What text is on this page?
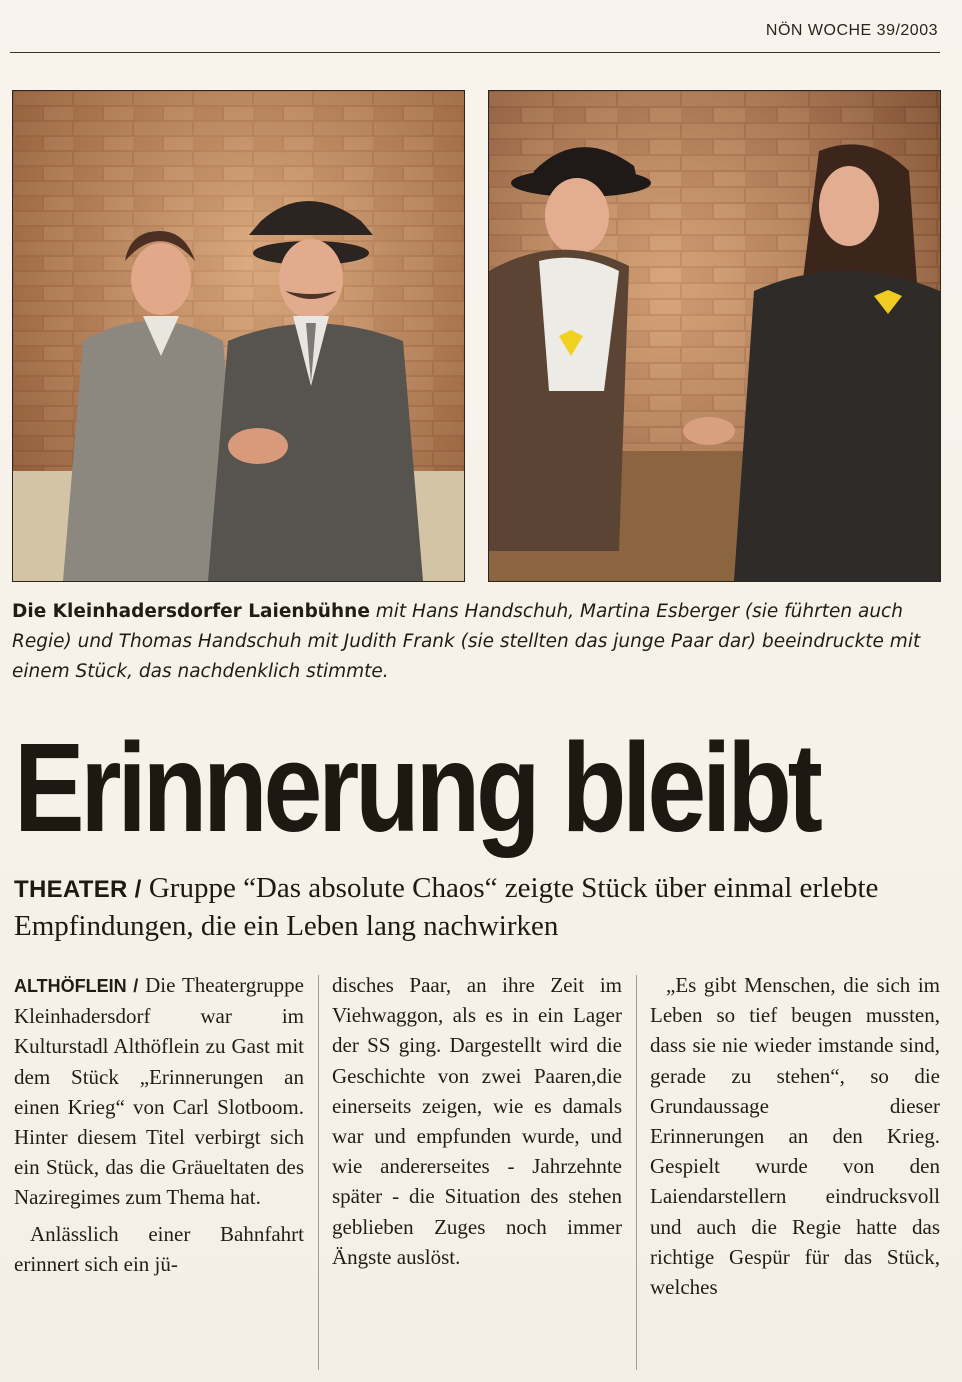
NÖN WOCHE 39/2003
Die Kleinhadersdorfer Laienbühne mit Hans Handschuh, Martina Esberger (sie führten auch Regie) und Thomas Handschuh mit Judith Frank (sie stellten das junge Paar dar) beeindruckte mit einem Stück, das nachdenklich stimmte.
Erinnerung bleibt
THEATER / Gruppe “Das absolute Chaos“ zeigte Stück über einmal erlebte Empfindungen, die ein Leben lang nachwirken

ALTHÖFLEIN / Die Theatergruppe Kleinhadersdorf war im Kulturstadl Althöflein zu Gast mit dem Stück „Erinnerungen an einen Krieg“ von Carl Slotboom. Hinter diesem Titel verbirgt sich ein Stück, das die Gräueltaten des Naziregimes zum Thema hat.

Anlässlich einer Bahnfahrt erinnert sich ein jü-

disches Paar, an ihre Zeit im Viehwaggon, als es in ein Lager der SS ging. Dargestellt wird die Geschichte von zwei Paaren,die einerseits zeigen, wie es damals war und empfunden wurde, und wie andererseites - Jahrzehnte später - die Situation des stehen geblieben Zuges noch immer Ängste auslöst.

„Es gibt Menschen, die sich im Leben so tief beugen mussten, dass sie nie wieder imstande sind, gerade zu stehen“, so die Grundaussage dieser Erinnerungen an den Krieg. Gespielt wurde von den Laiendarstellern eindrucksvoll und auch die Regie hatte das richtige Gespür für das Stück, welches
